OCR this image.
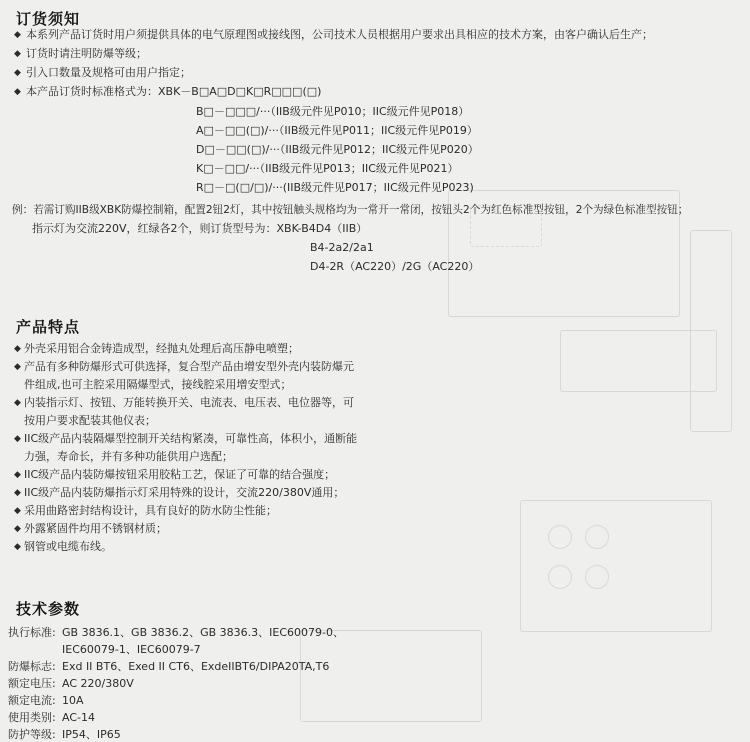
订货须知
◆ 本系列产品订货时用户须提供具体的电气原理图或接线图，公司技术人员根据用户要求出具相应的技术方案，由客户确认后生产；
◆ 订货时请注明防爆等级；
◆ 引入口数量及规格可由用户指定；
◆ 本产品订货时标准格式为：XBK－B□A□D□K□R□□□(□)
B□－□□□/···（IIB级元件见P010；IIC级元件见P018）
A□－□□(□)/···（IIB级元件见P011；IIC级元件见P019）
D□－□□(□)/···（IIB级元件见P012；IIC级元件见P020）
K□－□□/···（IIB级元件见P013；IIC级元件见P021）
R□－□(□/□)/···(IIB级元件见P017；IIC级元件见P023)
例：若需订购IIB级XBK防爆控制箱，配置2钮2灯，其中按钮触头规格均为一常开一常闭，按钮头2个为红色标准型按钮，2个为绿色标准型按钮；
指示灯为交流220V，红绿各2个，则订货型号为：XBK-B4D4（IIB）
B4-2a2/2a1
D4-2R（AC220）/2G（AC220）
产品特点
◆ 外壳采用铝合金铸造成型，经抛丸处理后高压静电喷塑；
◆ 产品有多种防爆形式可供选择，复合型产品由增安型外壳内装防爆元
件组成,也可主腔采用隔爆型式，接线腔采用增安型式；
◆ 内装指示灯、按钮、万能转换开关、电流表、电压表、电位器等，可
按用户要求配装其他仪表；
◆ IIC级产品内装隔爆型控制开关结构紧凑，可靠性高，体积小，通断能
力强，寿命长，并有多种功能供用户选配；
◆ IIC级产品内装防爆按钮采用胶粘工艺，保证了可靠的结合强度；
◆ IIC级产品内装防爆指示灯采用特殊的设计，交流220/380V通用；
◆ 采用曲路密封结构设计，具有良好的防水防尘性能；
◆ 外露紧固件均用不锈钢材质；
◆ 钢管或电缆布线。
技术参数
执行标准: GB 3836.1、GB 3836.2、GB 3836.3、IEC60079-0、
IEC60079-1、IEC60079-7
防爆标志: Exd II BT6、Exed II CT6、ExdeIIBT6/DIPA20TA,T6
额定电压: AC 220/380V
额定电流: 10A
使用类别: AC-14
防护等级: IP54、IP65
